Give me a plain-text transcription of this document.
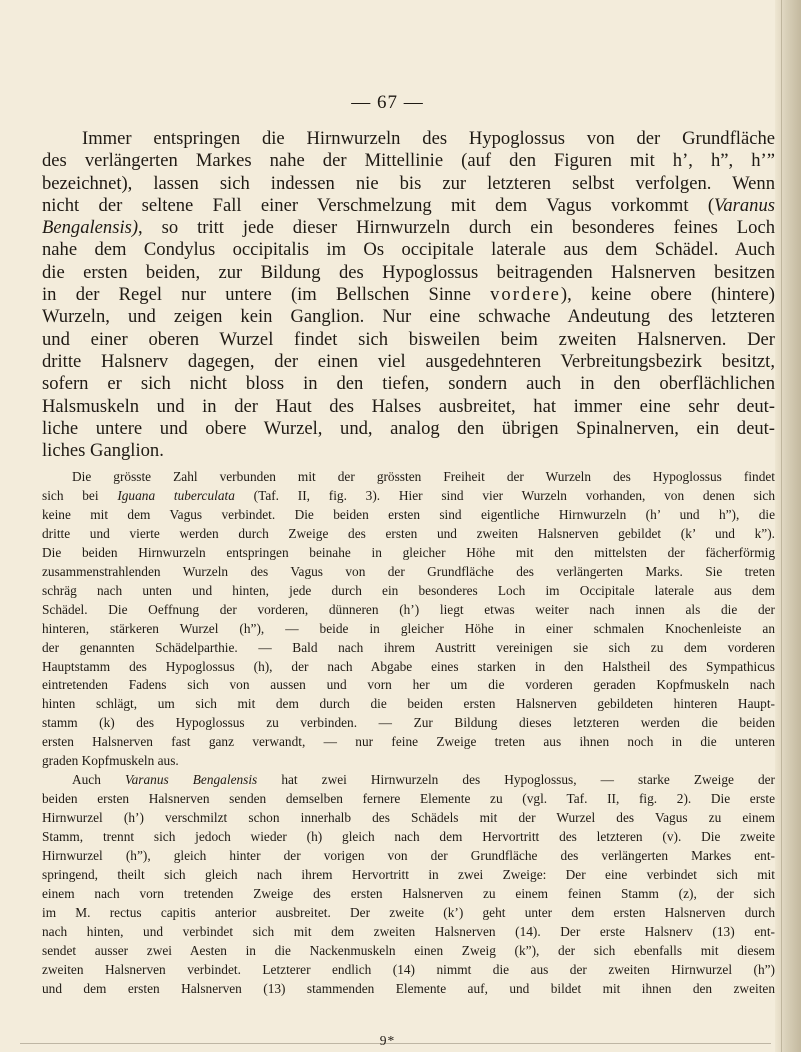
— 67 —
Immer entspringen die Hirnwurzeln des Hypoglossus von der Grundfläche
des verlängerten Markes nahe der Mittellinie (auf den Figuren mit h’, h”, h’”
bezeichnet), lassen sich indessen nie bis zur letzteren selbst verfolgen. Wenn
nicht der seltene Fall einer Verschmelzung mit dem Vagus vorkommt (Varanus
Bengalensis), so tritt jede dieser Hirnwurzeln durch ein besonderes feines Loch
nahe dem Condylus occipitalis im Os occipitale laterale aus dem Schädel. Auch
die ersten beiden, zur Bildung des Hypoglossus beitragenden Halsnerven besitzen
in der Regel nur untere (im Bellschen Sinne vordere), keine obere (hintere)
Wurzeln, und zeigen kein Ganglion. Nur eine schwache Andeutung des letzteren
und einer oberen Wurzel findet sich bisweilen beim zweiten Halsnerven. Der
dritte Halsnerv dagegen, der einen viel ausgedehnteren Verbreitungsbezirk besitzt,
sofern er sich nicht bloss in den tiefen, sondern auch in den oberflächlichen
Halsmuskeln und in der Haut des Halses ausbreitet, hat immer eine sehr deut-
liche untere und obere Wurzel, und, analog den übrigen Spinalnerven, ein deut-
liches Ganglion.
Die grösste Zahl verbunden mit der grössten Freiheit der Wurzeln des Hypoglossus findet
sich bei Iguana tuberculata (Taf. II, fig. 3). Hier sind vier Wurzeln vorhanden, von denen sich
keine mit dem Vagus verbindet. Die beiden ersten sind eigentliche Hirnwurzeln (h’ und h”), die
dritte und vierte werden durch Zweige des ersten und zweiten Halsnerven gebildet (k’ und k”).
Die beiden Hirnwurzeln entspringen beinahe in gleicher Höhe mit den mittelsten der fächerförmig
zusammenstrahlenden Wurzeln des Vagus von der Grundfläche des verlängerten Marks. Sie treten
schräg nach unten und hinten, jede durch ein besonderes Loch im Occipitale laterale aus dem
Schädel. Die Oeffnung der vorderen, dünneren (h’) liegt etwas weiter nach innen als die der
hinteren, stärkeren Wurzel (h”), — beide in gleicher Höhe in einer schmalen Knochenleiste an
der genannten Schädelparthie. — Bald nach ihrem Austritt vereinigen sie sich zu dem vorderen
Hauptstamm des Hypoglossus (h), der nach Abgabe eines starken in den Halstheil des Sympathicus
eintretenden Fadens sich von aussen und vorn her um die vorderen geraden Kopfmuskeln nach
hinten schlägt, um sich mit dem durch die beiden ersten Halsnerven gebildeten hinteren Haupt-
stamm (k) des Hypoglossus zu verbinden. — Zur Bildung dieses letzteren werden die beiden
ersten Halsnerven fast ganz verwandt, — nur feine Zweige treten aus ihnen noch in die unteren
graden Kopfmuskeln aus.
Auch Varanus Bengalensis hat zwei Hirnwurzeln des Hypoglossus, — starke Zweige der
beiden ersten Halsnerven senden demselben fernere Elemente zu (vgl. Taf. II, fig. 2). Die erste
Hirnwurzel (h’) verschmilzt schon innerhalb des Schädels mit der Wurzel des Vagus zu einem
Stamm, trennt sich jedoch wieder (h) gleich nach dem Hervortritt des letzteren (v). Die zweite
Hirnwurzel (h”), gleich hinter der vorigen von der Grundfläche des verlängerten Markes ent-
springend, theilt sich gleich nach ihrem Hervortritt in zwei Zweige: Der eine verbindet sich mit
einem nach vorn tretenden Zweige des ersten Halsnerven zu einem feinen Stamm (z), der sich
im M. rectus capitis anterior ausbreitet. Der zweite (k’) geht unter dem ersten Halsnerven durch
nach hinten, und verbindet sich mit dem zweiten Halsnerven (14). Der erste Halsnerv (13) ent-
sendet ausser zwei Aesten in die Nackenmuskeln einen Zweig (k”), der sich ebenfalls mit diesem
zweiten Halsnerven verbindet. Letzterer endlich (14) nimmt die aus der zweiten Hirnwurzel (h”)
und dem ersten Halsnerven (13) stammenden Elemente auf, und bildet mit ihnen den zweiten
9*
